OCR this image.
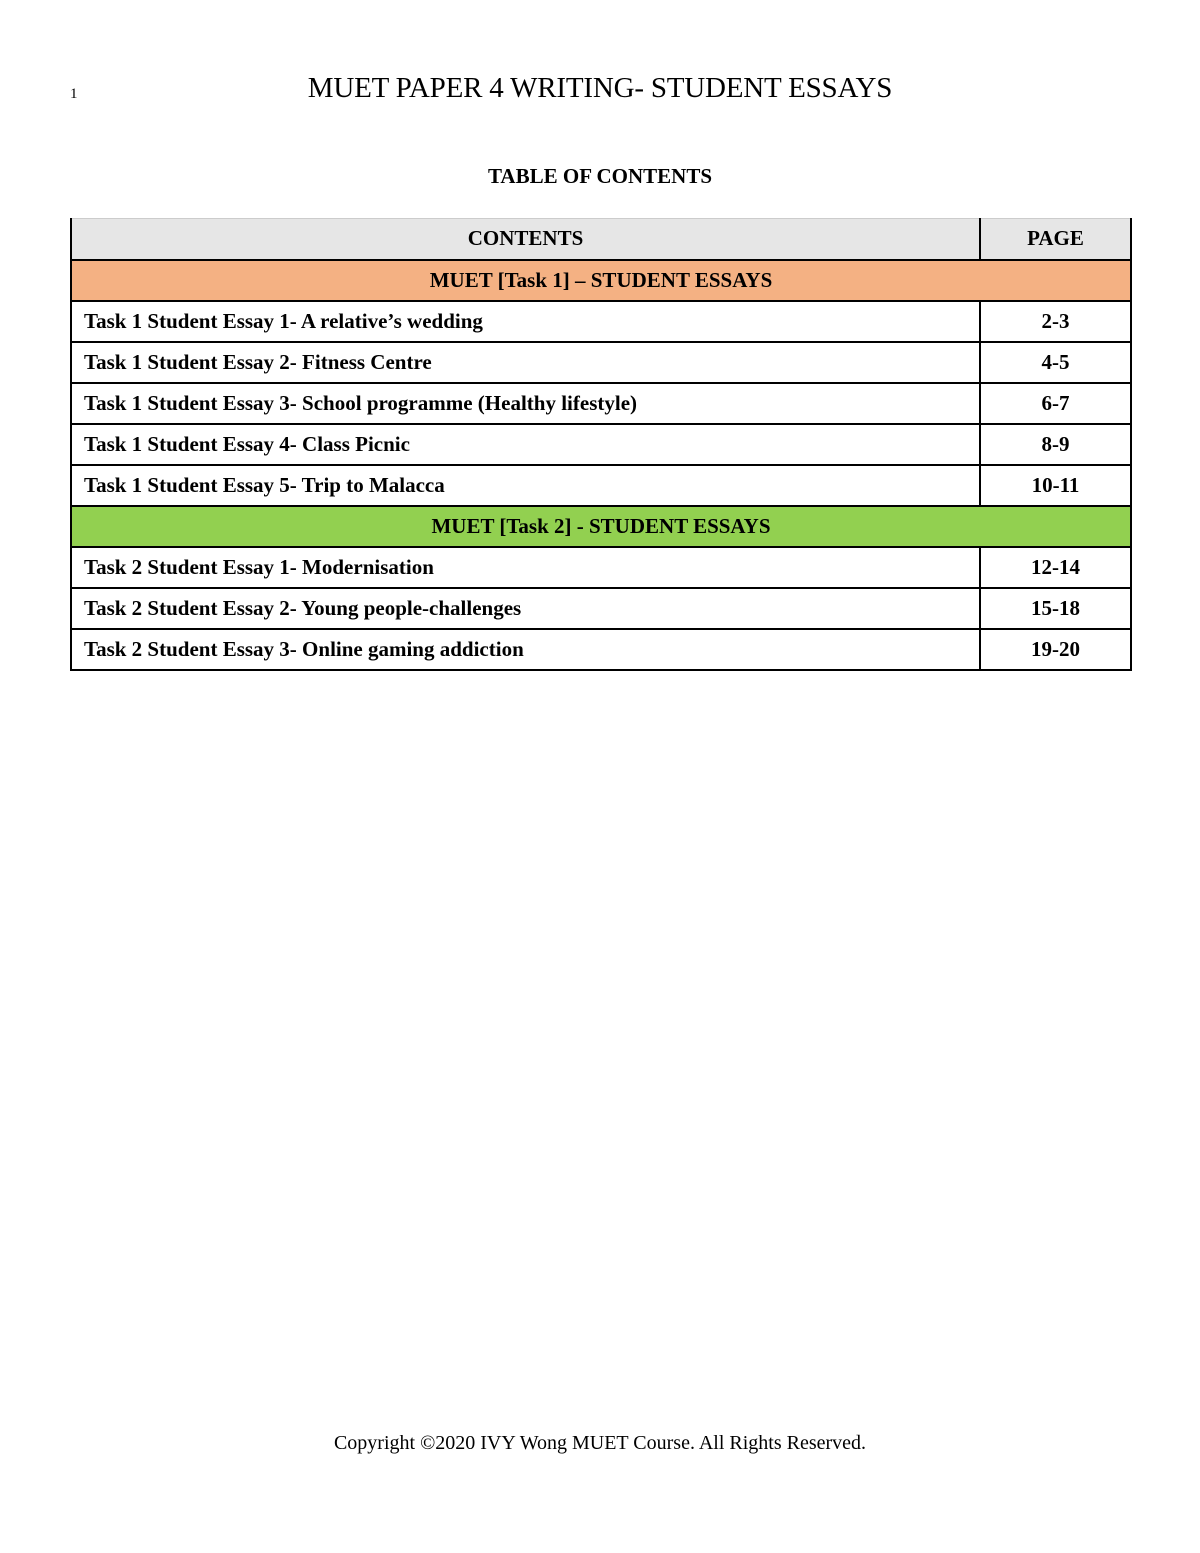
1	MUET PAPER 4 WRITING- STUDENT ESSAYS
TABLE OF CONTENTS
CONTENTS	PAGE
MUET [Task 1] – STUDENT ESSAYS	
Task 1 Student Essay 1- A relative’s wedding	2-3
Task 1 Student Essay 2- Fitness Centre	4-5
Task 1 Student Essay 3- School programme (Healthy lifestyle)	6-7
Task 1 Student Essay 4- Class Picnic	8-9
Task 1 Student Essay 5- Trip to Malacca	10-11
MUET [Task 2] - STUDENT ESSAYS	
Task 2 Student Essay 1- Modernisation	12-14
Task 2 Student Essay 2- Young people-challenges	15-18
Task 2 Student Essay 3- Online gaming addiction	19-20
Copyright ©2020 IVY Wong MUET Course. All Rights Reserved.
